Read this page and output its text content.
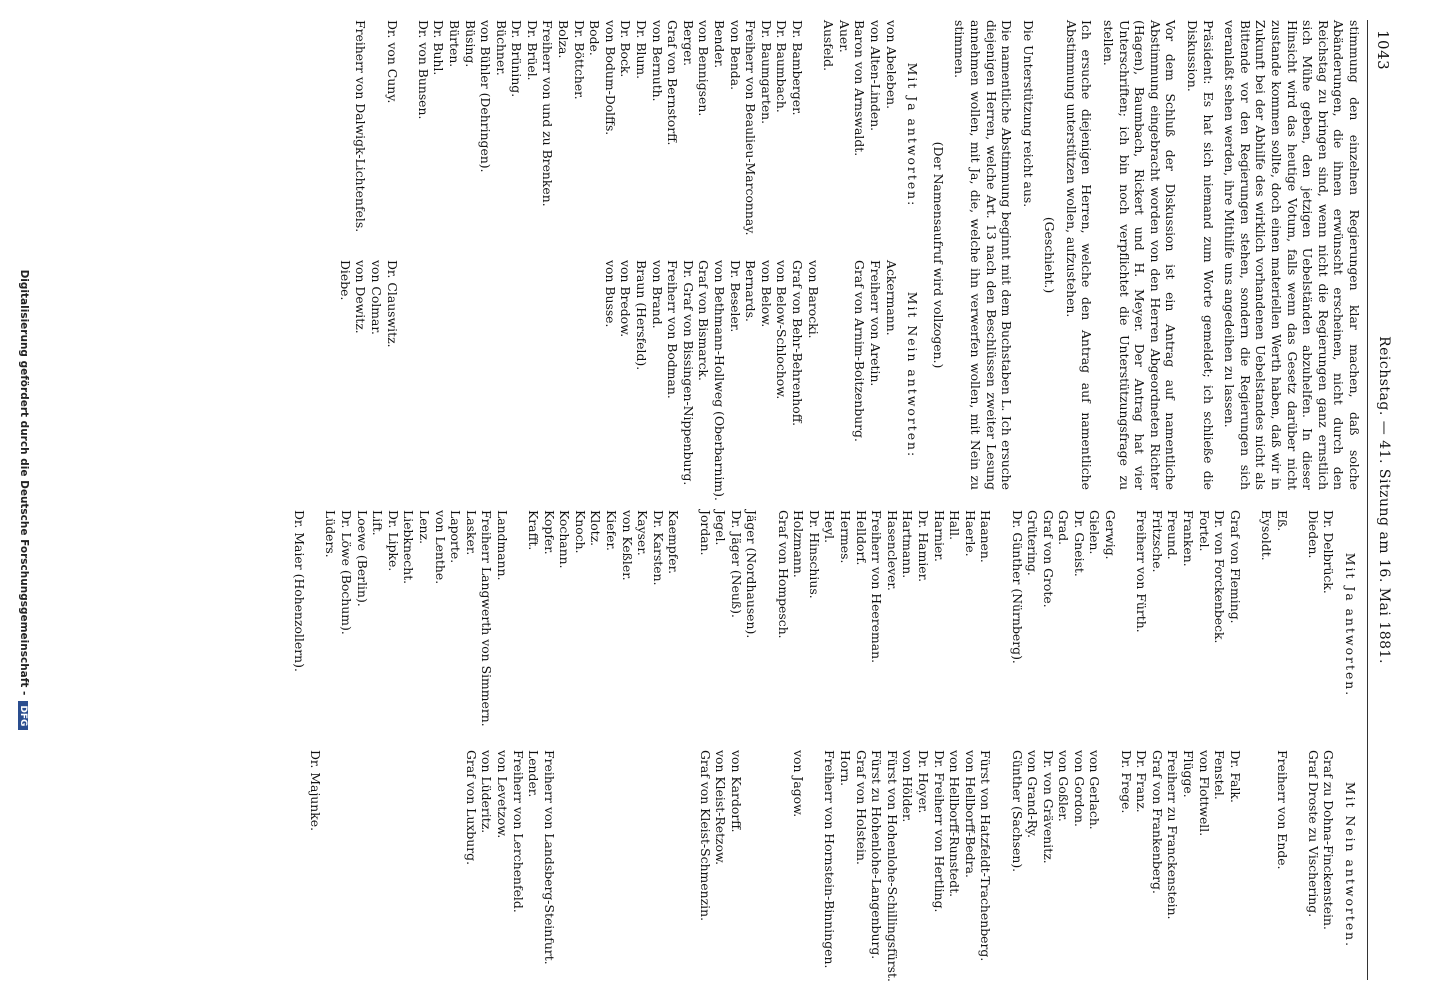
1043
Reichstag. — 41. Sitzung am 16. Mai 1881.
stimmung den einzelnen Regierungen klar machen, daß solche Abänderungen, die ihnen erwünscht erscheinen, nicht durch den Reichstag zu bringen sind, wenn nicht die Regierungen ganz ernstlich sich Mühe geben, den jetzigen Uebelständen abzuhelfen. In dieser Hinsicht wird das heutige Votum, falls wenn das Gesetz darüber nicht zustande kommen sollte, doch einen materiellen Werth haben, daß wir in Zukunft bei der Abhilfe des wirklich vorhandenen Uebelstandes nicht als Bittende vor den Regierungen stehen, sondern die Regierungen sich veranlaßt sehen werden, ihre Mithilfe uns angedeihen zu lassen.
Präsident: Es hat sich niemand zum Worte gemeldet; ich schließe die Diskussion.
Vor dem Schluß der Diskussion ist ein Antrag auf namentliche Abstimmung eingebracht worden von den Herren Abgeordneten Richter (Hagen), Baumbach, Rickert und H. Meyer. Der Antrag hat vier Unterschriften; ich bin noch verpflichtet die Unterstützungsfrage zu stellen.
Ich ersuche diejenigen Herren, welche den Antrag auf namentliche Abstimmung unterstützen wollen, aufzustehen.
(Geschieht.)
Die Unterstützung reicht aus.
Die namentliche Abstimmung beginnt mit dem Buchstaben L. Ich ersuche diejenigen Herren, welche Art. 13 nach den Beschlüssen zweiter Lesung annehmen wollen, mit Ja, die, welche ihn verwerfen wollen, mit Nein zu stimmen.
(Der Namensaufruf wird vollzogen.)
Mit Ja antworten:
von Abeleben.
von Alten-Linden.
Baron von Arnswaldt.
Auer.
Ausfeld.

Dr. Bamberger.
Dr. Baumbach.
Dr. Baumgarten.
Freiherr von Beaulieu-Marconnay.
von Benda.
Bender.
von Bennigsen.
Berger.
Graf von Bernstorff.
von Bernuth.
Dr. Blum.
Dr. Bock.
von Bodum-Dolffs.
Bode.
Dr. Böttcher.
Bolza.
Freiherr von und zu Brenken.
Dr. Brüel.
Dr. Brüning.
Büchner.
von Bühler (Dehringen).
Büsing.
Bürten.
Dr. Buhl.
Dr. von Bunsen.

Dr. von Cuny.

Freiherr von Dalwigk-Lichtenfels.
Mit Nein antworten:
Ackermann.
Freiherr von Aretin.
Graf von Arnim-Boitzenburg.

von Barocki.
Graf von Behr-Behrenhoff.
von Below-Schlochow.
von Below.
Bernards.
Dr. Beseler.
von Bethmann-Hollweg (Oberbarnim).
Graf von Bismarck.
Dr. Graf von Bissingen-Nippenburg.
Freiherr von Bodman.
von Brand.
Braun (Hersfeld).
von Bredow.
von Busse.

Dr. Clauswitz.
von Colmar.
von Dewitz.
Diebe.
Mit Ja antworten.
Dr. Delbrück.
Dieden.

Eß.
Eysoldt.

Graf von Fleming.
Dr. von Forckenbeck.
Fortel.
Franken.
Freund.
Fritzsche.
Freiherr von Fürth.

Gerwig.
Gielen.
Dr. Gneist.
Grad.
Graf von Grote.
Grütering.
Dr. Günther (Nürnberg).

Haanen.
Haerle.
Hall.
Harnier.
Dr. Hamier.
Hartmann.
Hasenclever.
Freiherr von Heereman.
Helldorf.
Hermes.
Heyl.
Dr. Hinschius.
Holzmann.
Graf von Hompesch.

Jäger (Nordhausen).
Dr. Jäger (Neuß).
Jegel.
Jordan.

Kaempfer.
Dr. Karsten.
Kayser.
von Keßler.
Kiefer.
Klotz.
Knoch.
Kochann.
Kopfer.
Krafft.

Landmann.
Freiherr Langwerth von Simmern.
Lasker.
Laporte.
von Lenthe.
Lenz.
Liebknecht.
Dr. Lipke.
Lift.
Loewe (Berlin).
Dr. Löwe (Bochum).
Lüders.

Dr. Maier (Hohenzollern).
Mit Nein antworten.
Graf zu Dohna-Finckenstein.
Graf Droste zu Vischering.

Freiherr von Ende.

Dr. Falk.
Fenstel.
von Flottwell.
Flügge.
Freiherr zu Franckenstein.
Graf von Frankenberg.
Dr. Franz.
Dr. Frege.

von Gerlach.
von Gordon.
von Goßler.
Dr. von Grävenitz.
von Grand-Ry.
Günther (Sachsen).

Fürst von Hatzfeldt-Trachenberg.
von Hellborff-Bedra.
von Hellborff-Runstedt.
Dr. Freiherr von Hertling.
Dr. Hoyer.
von Hölder.
Fürst von Hohenlohe-Schillingsfürst.
Fürst zu Hohenlohe-Langenburg.
Graf von Holstein.
Horn.
Freiherr von Hornstein-Binningen.

von Jagow.

von Kardorff.
von Kleist-Retzow.
Graf von Kleist-Schmenzin.

Freiherr von Landsberg-Steinfurt.
Lender.
Freiherr von Lerchenfeld.
von Levetzow.
von Lüderitz.
Graf von Luxburg.

Dr. Majunke.
Digitalisierung gefördert durch die Deutsche Forschungsgemeinschaft -DFG
